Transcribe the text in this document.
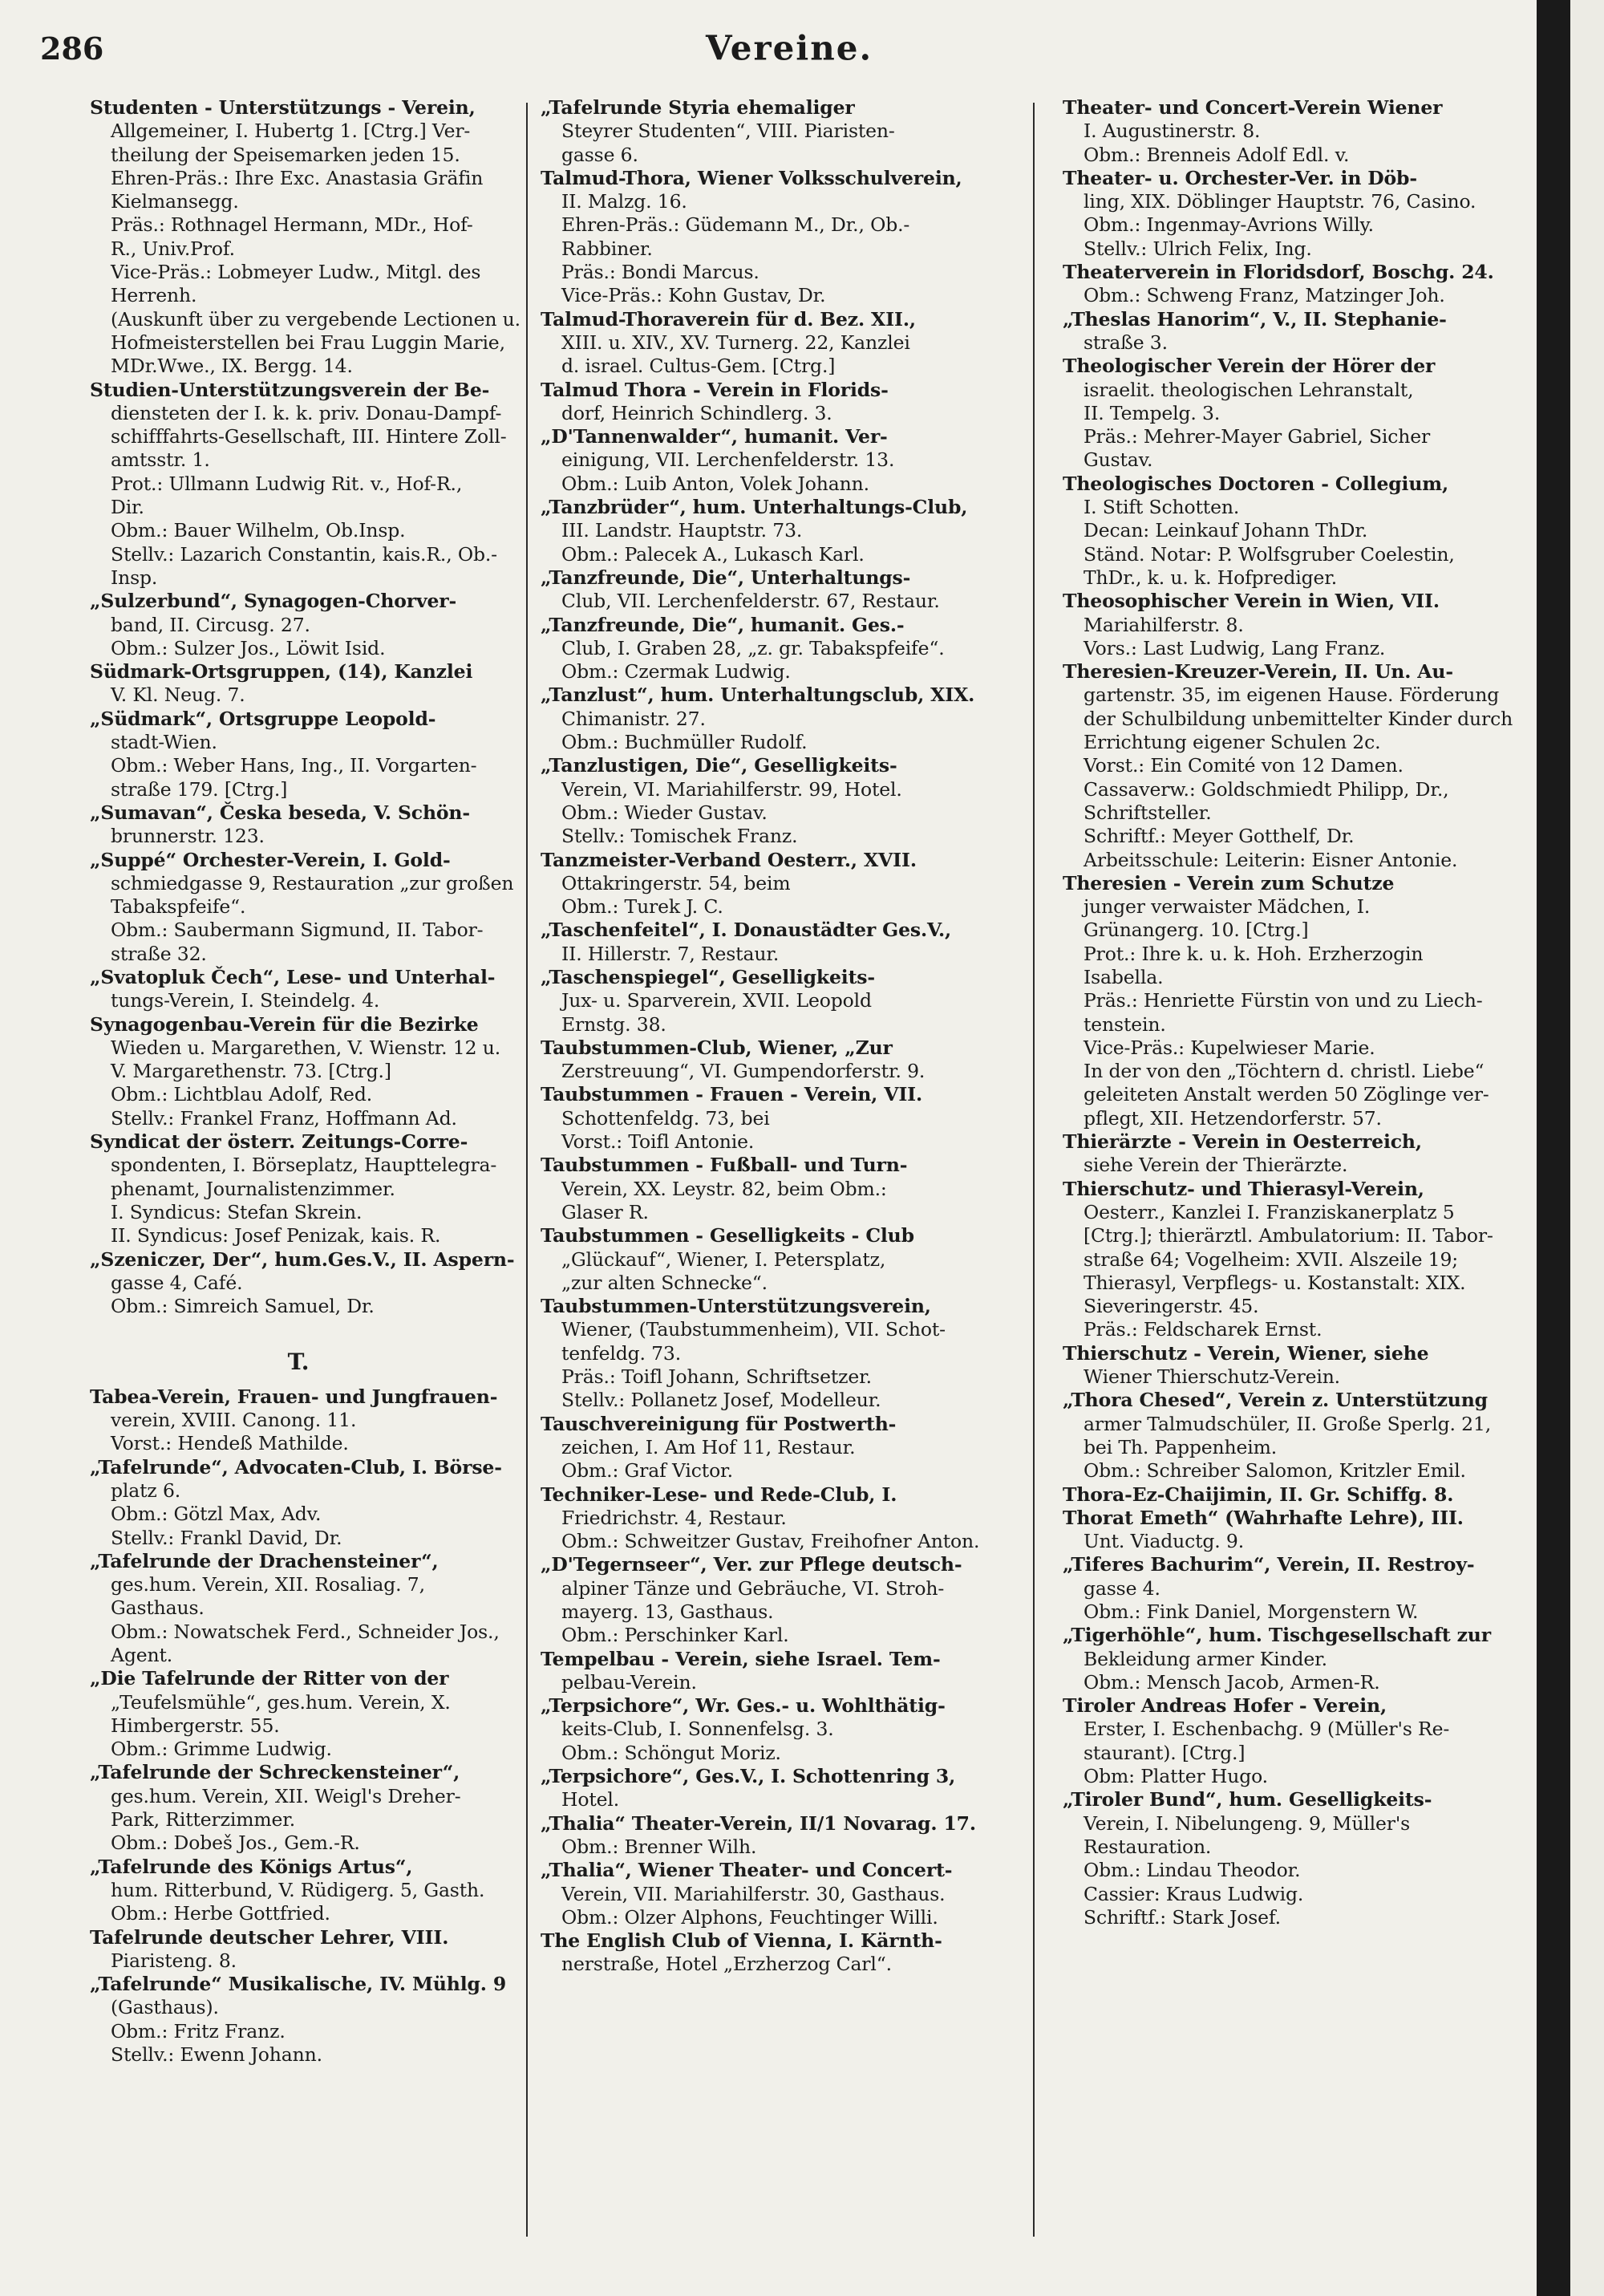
286	Vereine.
Studenten - Unterstützungs - Verein,
Allgemeiner, I. Hubertg 1. [Ctrg.] Ver-
theilung der Speisemarken jeden 15.
Ehren-Präs.: Ihre Exc. Anastasia Gräfin
Kielmansegg.
Präs.: Rothnagel Hermann, MDr., Hof-
R., Univ.Prof.
Vice-Präs.: Lobmeyer Ludw., Mitgl. des
Herrenh.
(Auskunft über zu vergebende Lectionen u.
Hofmeisterstellen bei Frau Luggin Marie,
MDr.Wwe., IX. Bergg. 14.
Studien-Unterstützungsverein der Be-
diensteten der I. k. k. priv. Donau-Dampf-
schifffahrts-Gesellschaft, III. Hintere Zoll-
amtsstr. 1.
Prot.: Ullmann Ludwig Rit. v., Hof-R.,
Dir.
Obm.: Bauer Wilhelm, Ob.Insp.
Stellv.: Lazarich Constantin, kais.R., Ob.-
Insp.
„Sulzerbund“, Synagogen-Chorver-
band, II. Circusg. 27.
Obm.: Sulzer Jos., Löwit Isid.
Südmark-Ortsgruppen, (14), Kanzlei
V. Kl. Neug. 7.
„Südmark“, Ortsgruppe Leopold-
stadt-Wien.
Obm.: Weber Hans, Ing., II. Vorgarten-
straße 179. [Ctrg.]
„Sumavan“, Česka beseda, V. Schön-
brunnerstr. 123.
„Suppé“ Orchester-Verein, I. Gold-
schmiedgasse 9, Restauration „zur großen
Tabakspfeife“.
Obm.: Saubermann Sigmund, II. Tabor-
straße 32.
„Svatopluk Čech“, Lese- und Unterhal-
tungs-Verein, I. Steindelg. 4.
Synagogenbau-Verein für die Bezirke
Wieden u. Margarethen, V. Wienstr. 12 u.
V. Margarethenstr. 73. [Ctrg.]
Obm.: Lichtblau Adolf, Red.
Stellv.: Frankel Franz, Hoffmann Ad.
Syndicat der österr. Zeitungs-Corre-
spondenten, I. Börseplatz, Haupttelegra-
phenamt, Journalistenzimmer.
I. Syndicus: Stefan Skrein.
II. Syndicus: Josef Penizak, kais. R.
„Szeniczer, Der“, hum.Ges.V., II. Aspern-
gasse 4, Café.
Obm.: Simreich Samuel, Dr.
T.
Tabea-Verein, Frauen- und Jungfrauen-
verein, XVIII. Canong. 11.
Vorst.: Hendeß Mathilde.
„Tafelrunde“, Advocaten-Club, I. Börse-
platz 6.
Obm.: Götzl Max, Adv.
Stellv.: Frankl David, Dr.
„Tafelrunde der Drachensteiner“,
ges.hum. Verein, XII. Rosaliag. 7,
Gasthaus.
Obm.: Nowatschek Ferd., Schneider Jos.,
Agent.
„Die Tafelrunde der Ritter von der
„Teufelsmühle“, ges.hum. Verein, X.
Himbergerstr. 55.
Obm.: Grimme Ludwig.
„Tafelrunde der Schreckensteiner“,
ges.hum. Verein, XII. Weigl's Dreher-
Park, Ritterzimmer.
Obm.: Dobeš Jos., Gem.-R.
„Tafelrunde des Königs Artus“,
hum. Ritterbund, V. Rüdigerg. 5, Gasth.
Obm.: Herbe Gottfried.
Tafelrunde deutscher Lehrer, VIII.
Piaristeng. 8.
„Tafelrunde“ Musikalische, IV. Mühlg. 9
(Gasthaus).
Obm.: Fritz Franz.
Stellv.: Ewenn Johann.
„Tafelrunde Styria ehemaliger
Steyrer Studenten“, VIII. Piaristen-
gasse 6.
Talmud-Thora, Wiener Volksschulverein,
II. Malzg. 16.
Ehren-Präs.: Güdemann M., Dr., Ob.-
Rabbiner.
Präs.: Bondi Marcus.
Vice-Präs.: Kohn Gustav, Dr.
Talmud-Thoraverein für d. Bez. XII.,
XIII. u. XIV., XV. Turnerg. 22, Kanzlei
d. israel. Cultus-Gem. [Ctrg.]
Talmud Thora - Verein in Florids-
dorf, Heinrich Schindlerg. 3.
„D'Tannenwalder“, humanit. Ver-
einigung, VII. Lerchenfelderstr. 13.
Obm.: Luib Anton, Volek Johann.
„Tanzbrüder“, hum. Unterhaltungs-Club,
III. Landstr. Hauptstr. 73.
Obm.: Palecek A., Lukasch Karl.
„Tanzfreunde, Die“, Unterhaltungs-
Club, VII. Lerchenfelderstr. 67, Restaur.
„Tanzfreunde, Die“, humanit. Ges.-
Club, I. Graben 28, „z. gr. Tabakspfeife“.
Obm.: Czermak Ludwig.
„Tanzlust“, hum. Unterhaltungsclub, XIX.
Chimanistr. 27.
Obm.: Buchmüller Rudolf.
„Tanzlustigen, Die“, Geselligkeits-
Verein, VI. Mariahilferstr. 99, Hotel.
Obm.: Wieder Gustav.
Stellv.: Tomischek Franz.
Tanzmeister-Verband Oesterr., XVII.
Ottakringerstr. 54, beim
Obm.: Turek J. C.
„Taschenfeitel“, I. Donaustädter Ges.V.,
II. Hillerstr. 7, Restaur.
„Taschenspiegel“, Geselligkeits-
Jux- u. Sparverein, XVII. Leopold
Ernstg. 38.
Taubstummen-Club, Wiener, „Zur
Zerstreuung“, VI. Gumpendorferstr. 9.
Taubstummen - Frauen - Verein, VII.
Schottenfeldg. 73, bei
Vorst.: Toifl Antonie.
Taubstummen - Fußball- und Turn-
Verein, XX. Leystr. 82, beim Obm.:
Glaser R.
Taubstummen - Geselligkeits - Club
„Glückauf“, Wiener, I. Petersplatz,
„zur alten Schnecke“.
Taubstummen-Unterstützungsverein,
Wiener, (Taubstummenheim), VII. Schot-
tenfeldg. 73.
Präs.: Toifl Johann, Schriftsetzer.
Stellv.: Pollanetz Josef, Modelleur.
Tauschvereinigung für Postwerth-
zeichen, I. Am Hof 11, Restaur.
Obm.: Graf Victor.
Techniker-Lese- und Rede-Club, I.
Friedrichstr. 4, Restaur.
Obm.: Schweitzer Gustav, Freihofner Anton.
„D'Tegernseer“, Ver. zur Pflege deutsch-
alpiner Tänze und Gebräuche, VI. Stroh-
mayerg. 13, Gasthaus.
Obm.: Perschinker Karl.
Tempelbau - Verein, siehe Israel. Tem-
pelbau-Verein.
„Terpsichore“, Wr. Ges.- u. Wohlthätig-
keits-Club, I. Sonnenfelsg. 3.
Obm.: Schöngut Moriz.
„Terpsichore“, Ges.V., I. Schottenring 3,
Hotel.
„Thalia“ Theater-Verein, II/1 Novarag. 17.
Obm.: Brenner Wilh.
„Thalia“, Wiener Theater- und Concert-
Verein, VII. Mariahilferstr. 30, Gasthaus.
Obm.: Olzer Alphons, Feuchtinger Willi.
The English Club of Vienna, I. Kärnth-
nerstraße, Hotel „Erzherzog Carl“.
Theater- und Concert-Verein Wiener
I. Augustinerstr. 8.
Obm.: Brenneis Adolf Edl. v.
Theater- u. Orchester-Ver. in Döb-
ling, XIX. Döblinger Hauptstr. 76, Casino.
Obm.: Ingenmay-Avrions Willy.
Stellv.: Ulrich Felix, Ing.
Theaterverein in Floridsdorf, Boschg. 24.
Obm.: Schweng Franz, Matzinger Joh.
„Theslas Hanorim“, V., II. Stephanie-
straße 3.
Theologischer Verein der Hörer der
israelit. theologischen Lehranstalt,
II. Tempelg. 3.
Präs.: Mehrer-Mayer Gabriel, Sicher
Gustav.
Theologisches Doctoren - Collegium,
I. Stift Schotten.
Decan: Leinkauf Johann ThDr.
Ständ. Notar: P. Wolfsgruber Coelestin,
ThDr., k. u. k. Hofprediger.
Theosophischer Verein in Wien, VII.
Mariahilferstr. 8.
Vors.: Last Ludwig, Lang Franz.
Theresien-Kreuzer-Verein, II. Un. Au-
gartenstr. 35, im eigenen Hause. Förderung
der Schulbildung unbemittelter Kinder durch
Errichtung eigener Schulen 2c.
Vorst.: Ein Comité von 12 Damen.
Cassaverw.: Goldschmiedt Philipp, Dr.,
Schriftsteller.
Schriftf.: Meyer Gotthelf, Dr.
Arbeitsschule: Leiterin: Eisner Antonie.
Theresien - Verein zum Schutze
junger verwaister Mädchen, I.
Grünangerg. 10. [Ctrg.]
Prot.: Ihre k. u. k. Hoh. Erzherzogin
Isabella.
Präs.: Henriette Fürstin von und zu Liech-
tenstein.
Vice-Präs.: Kupelwieser Marie.
In der von den „Töchtern d. christl. Liebe“
geleiteten Anstalt werden 50 Zöglinge ver-
pflegt, XII. Hetzendorferstr. 57.
Thierärzte - Verein in Oesterreich,
siehe Verein der Thierärzte.
Thierschutz- und Thierasyl-Verein,
Oesterr., Kanzlei I. Franziskanerplatz 5
[Ctrg.]; thierärztl. Ambulatorium: II. Tabor-
straße 64; Vogelheim: XVII. Alszeile 19;
Thierasyl, Verpflegs- u. Kostanstalt: XIX.
Sieveringerstr. 45.
Präs.: Feldscharek Ernst.
Thierschutz - Verein, Wiener, siehe
Wiener Thierschutz-Verein.
„Thora Chesed“, Verein z. Unterstützung
armer Talmudschüler, II. Große Sperlg. 21,
bei Th. Pappenheim.
Obm.: Schreiber Salomon, Kritzler Emil.
Thora-Ez-Chaijimin, II. Gr. Schiffg. 8.
Thorat Emeth“ (Wahrhafte Lehre), III.
Unt. Viaductg. 9.
„Tiferes Bachurim“, Verein, II. Restroy-
gasse 4.
Obm.: Fink Daniel, Morgenstern W.
„Tigerhöhle“, hum. Tischgesellschaft zur
Bekleidung armer Kinder.
Obm.: Mensch Jacob, Armen-R.
Tiroler Andreas Hofer - Verein,
Erster, I. Eschenbachg. 9 (Müller's Re-
staurant). [Ctrg.]
Obm: Platter Hugo.
„Tiroler Bund“, hum. Geselligkeits-
Verein, I. Nibelungeng. 9, Müller's
Restauration.
Obm.: Lindau Theodor.
Cassier: Kraus Ludwig.
Schriftf.: Stark Josef.
